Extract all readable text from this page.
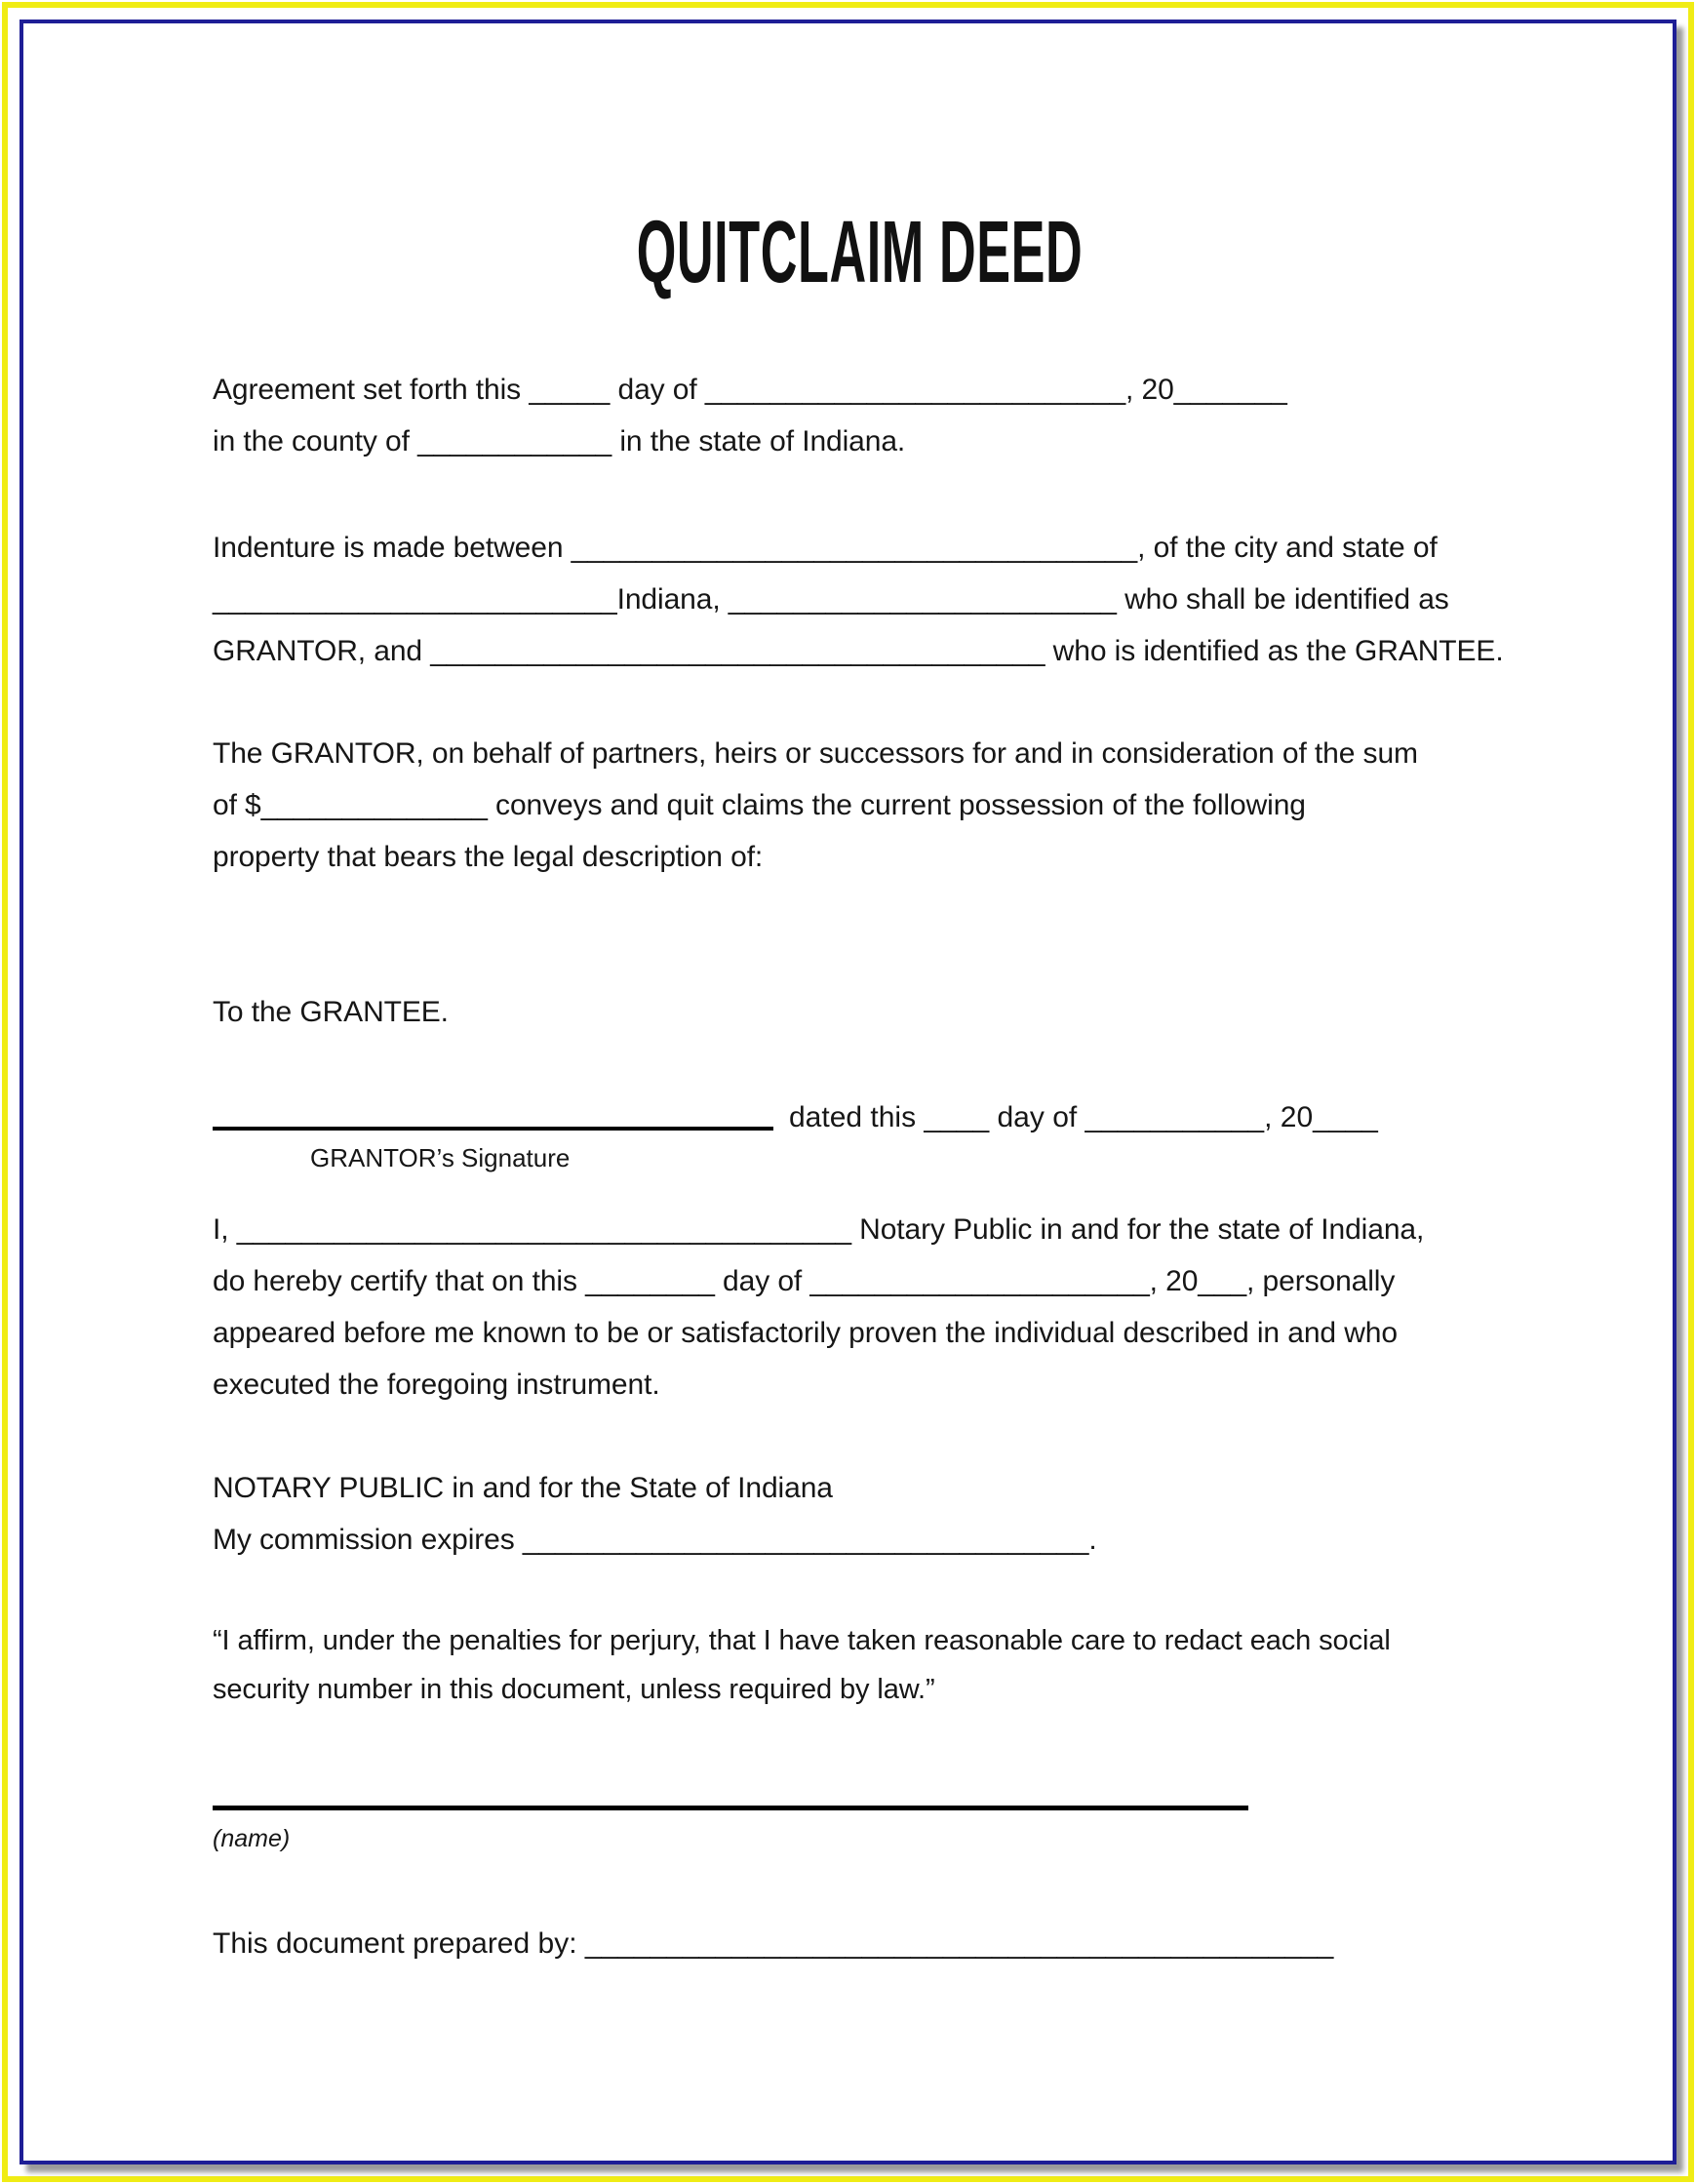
QUITCLAIM DEED
Agreement set forth this _____ day of __________________________, 20_______
in the county of ____________ in the state of Indiana.
Indenture is made between ___________________________________, of the city and state of
_________________________Indiana, ________________________ who shall be identified as
GRANTOR, and ______________________________________ who is identified as the GRANTEE.
The GRANTOR, on behalf of partners, heirs or successors for and in consideration of the sum
of $______________ conveys and quit claims the current possession of the following
property that bears the legal description of:
To the GRANTEE.
dated this ____ day of ___________, 20____
GRANTOR’s Signature
I, ______________________________________ Notary Public in and for the state of Indiana,
do hereby certify that on this ________ day of _____________________, 20___, personally
appeared before me known to be or satisfactorily proven the individual described in and who
executed the foregoing instrument.
NOTARY PUBLIC in and for the State of Indiana
My commission expires ___________________________________.
“I affirm, under the penalties for perjury, that I have taken reasonable care to redact each social
security number in this document, unless required by law.”
(name)
This document prepared by: ______________________________________________
